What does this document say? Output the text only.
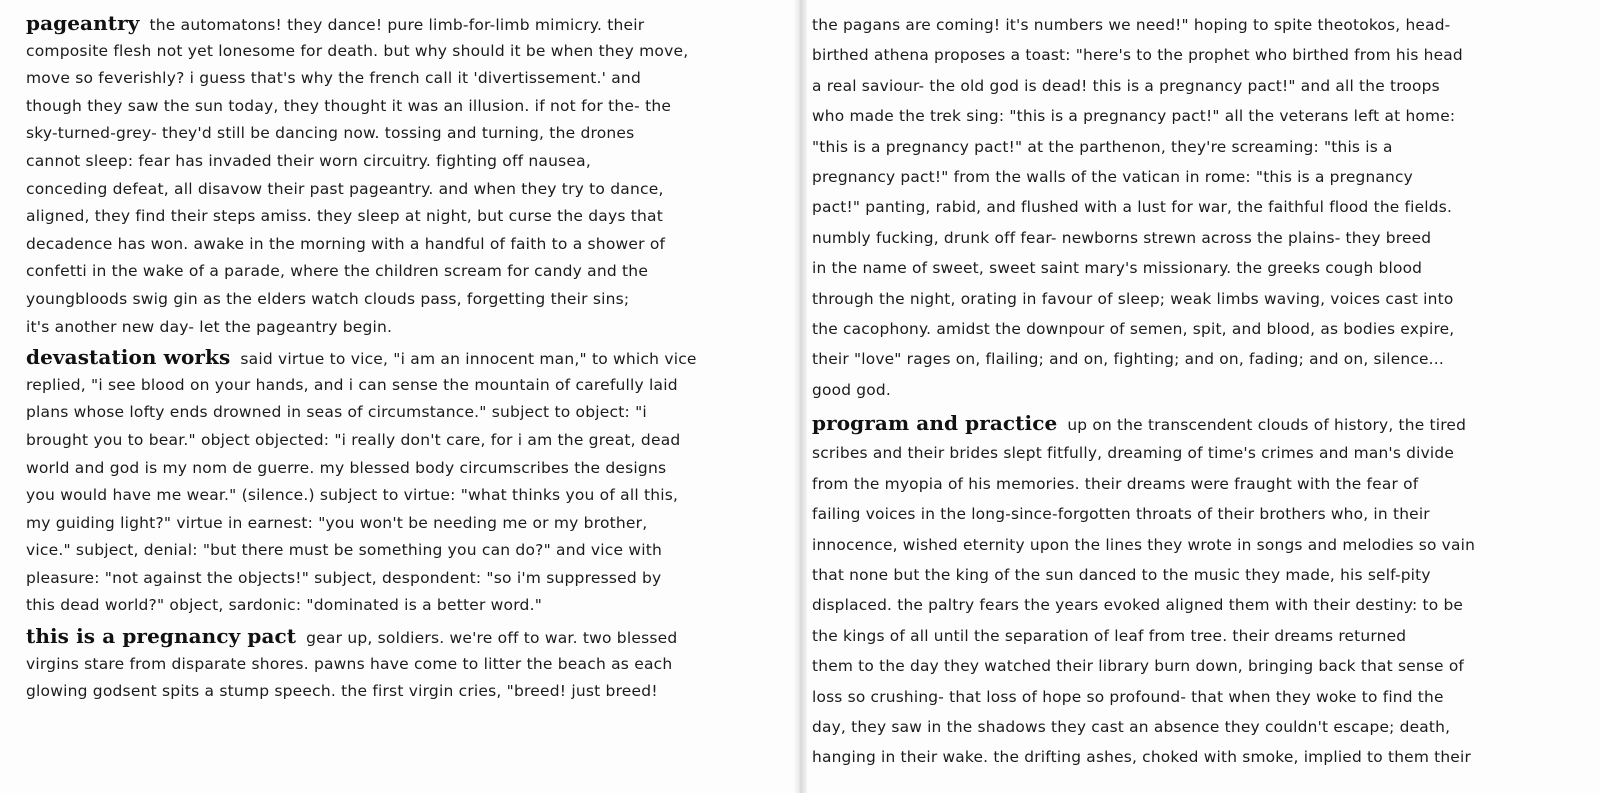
pageantry the automatons! they dance! pure limb-for-limb mimicry. their
composite flesh not yet lonesome for death. but why should it be when they move,
move so feverishly? i guess that's why the french call it 'divertissement.' and
though they saw the sun today, they thought it was an illusion. if not for the- the
sky-turned-grey- they'd still be dancing now. tossing and turning, the drones
cannot sleep: fear has invaded their worn circuitry. fighting off nausea,
conceding defeat, all disavow their past pageantry. and when they try to dance,
aligned, they find their steps amiss. they sleep at night, but curse the days that
decadence has won. awake in the morning with a handful of faith to a shower of
confetti in the wake of a parade, where the children scream for candy and the
youngbloods swig gin as the elders watch clouds pass, forgetting their sins;
it's another new day- let the pageantry begin.
devastation works said virtue to vice, "i am an innocent man," to which vice
replied, "i see blood on your hands, and i can sense the mountain of carefully laid
plans whose lofty ends drowned in seas of circumstance." subject to object: "i
brought you to bear." object objected: "i really don't care, for i am the great, dead
world and god is my nom de guerre. my blessed body circumscribes the designs
you would have me wear." (silence.) subject to virtue: "what thinks you of all this,
my guiding light?" virtue in earnest: "you won't be needing me or my brother,
vice." subject, denial: "but there must be something you can do?" and vice with
pleasure: "not against the objects!" subject, despondent: "so i'm suppressed by
this dead world?" object, sardonic: "dominated is a better word."
this is a pregnancy pact gear up, soldiers. we're off to war. two blessed
virgins stare from disparate shores. pawns have come to litter the beach as each
glowing godsent spits a stump speech. the first virgin cries, "breed! just breed!
the pagans are coming! it's numbers we need!" hoping to spite theotokos, head-
birthed athena proposes a toast: "here's to the prophet who birthed from his head
a real saviour- the old god is dead! this is a pregnancy pact!" and all the troops
who made the trek sing: "this is a pregnancy pact!" all the veterans left at home:
"this is a pregnancy pact!" at the parthenon, they're screaming: "this is a
pregnancy pact!" from the walls of the vatican in rome: "this is a pregnancy
pact!" panting, rabid, and flushed with a lust for war, the faithful flood the fields.
numbly fucking, drunk off fear- newborns strewn across the plains- they breed
in the name of sweet, sweet saint mary's missionary. the greeks cough blood
through the night, orating in favour of sleep; weak limbs waving, voices cast into
the cacophony. amidst the downpour of semen, spit, and blood, as bodies expire,
their "love" rages on, flailing; and on, fighting; and on, fading; and on, silence...
good god.
program and practice up on the transcendent clouds of history, the tired
scribes and their brides slept fitfully, dreaming of time's crimes and man's divide
from the myopia of his memories. their dreams were fraught with the fear of
failing voices in the long-since-forgotten throats of their brothers who, in their
innocence, wished eternity upon the lines they wrote in songs and melodies so vain
that none but the king of the sun danced to the music they made, his self-pity
displaced. the paltry fears the years evoked aligned them with their destiny: to be
the kings of all until the separation of leaf from tree. their dreams returned
them to the day they watched their library burn down, bringing back that sense of
loss so crushing- that loss of hope so profound- that when they woke to find the
day, they saw in the shadows they cast an absence they couldn't escape; death,
hanging in their wake. the drifting ashes, choked with smoke, implied to them their
